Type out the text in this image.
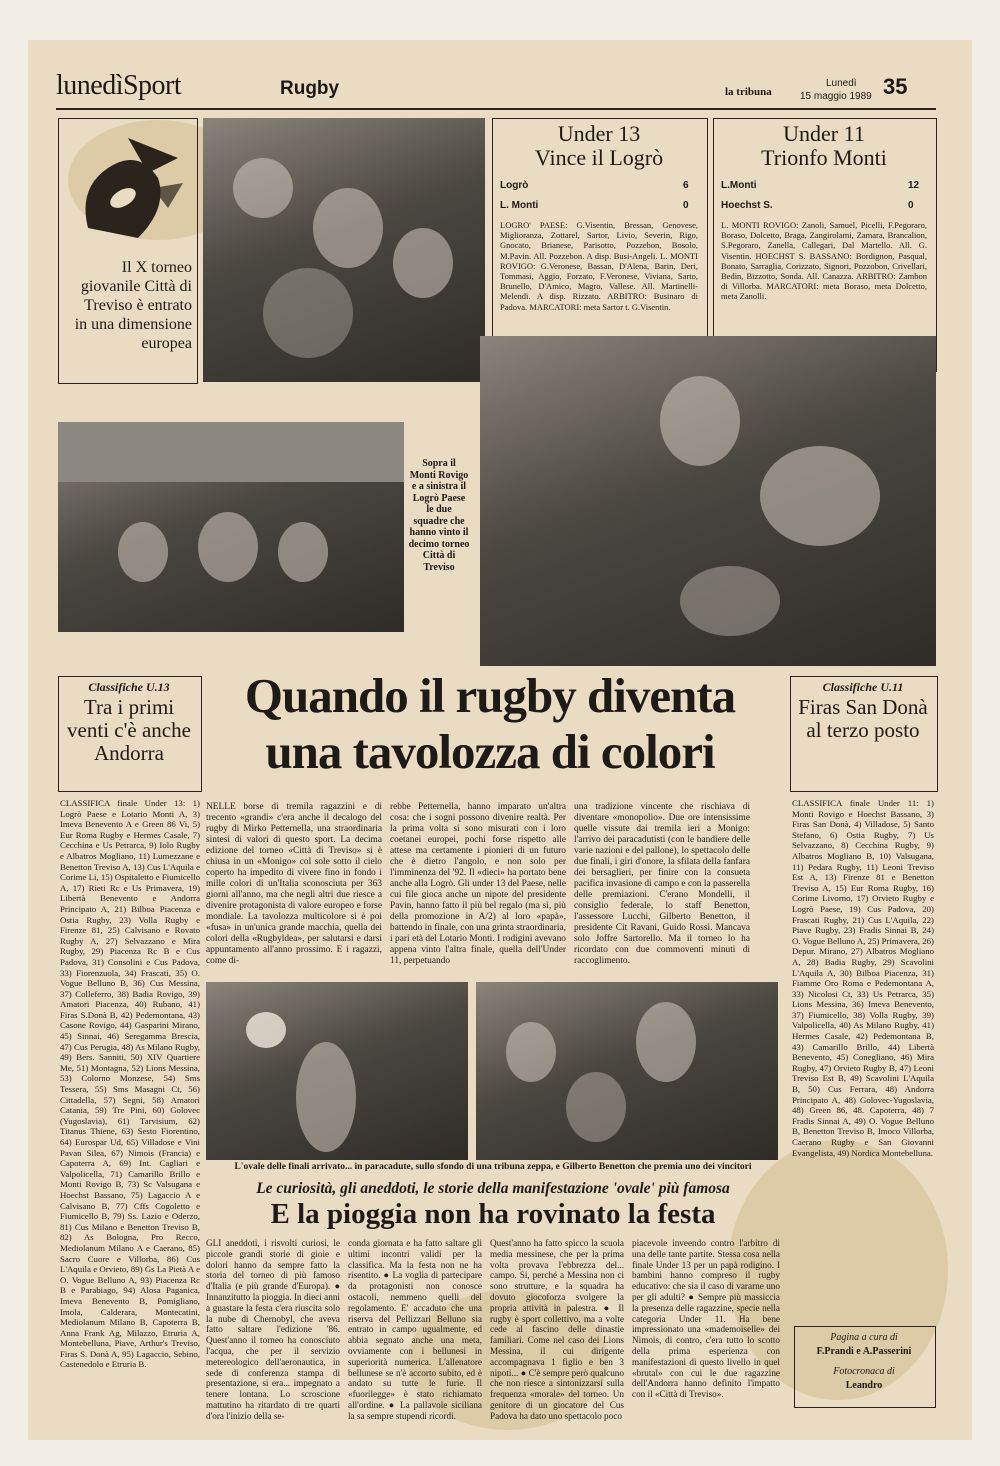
lunedìSport	Rugby	la tribuna
Lunedì
15 maggio 1989 35
Il X torneo giovanile Città di Treviso è entrato in una dimensione europea
Under 13
Vince il Logrò
Logrò	6
L. Monti	0
LOGRO' PAESE: G.Visentin, Bressan, Genovese, Miglioranza, Zottarel, Sartor, Livio, Severin, Rigo, Gnocato, Brianese, Parisotto, Pozzebon, Bosolo, M.Pavin. All. Pozzebon. A disp. Busi-Angeli. L. MONTI ROVIGO: G.Veronese, Bassan, D'Alena, Barin, Deri, Tommasi, Aggio, Forzato, F.Veronese, Viviana, Sarto, Brunello, D'Amico, Magro, Vallese. All. Martinelli-Melendi. A disp. Rizzato. ARBITRO: Businaro di Padova. MARCATORI: meta Sartor t. G.Visentin.
Under 11
Trionfo Monti
L.Monti	12
Hoechst S.	0
L. MONTI ROVIGO: Zanoli, Samuel, Picelli, F.Pegoraro, Boraso, Dolcetto, Braga, Zangirolami, Zamara, Brancalion, S.Pegoraro, Zanella, Callegari, Dal Martello. All. G. Visentin. HOECHST S. BASSANO: Bordignon, Pasqual, Bonato, Sarraglia, Corizzato, Signori, Pozzobon, Crivellari, Bedin, Bizzotto, Sonda. All. Canazza. ARBITRO: Zambon di Villorba. MARCATORI: meta Boraso, meta Dolcetto, meta Zanolli.
Sopra il Monti Rovigo e a sinistra il Logrò Paese le due squadre che hanno vinto il decimo torneo Città di Treviso
Classifiche U.13
Tra i primi venti c'è anche Andorra
CLASSIFICA finale Under 13: 1) Logrò Paese e Lotario Monti A, 3) Imeva Benevento A e Green 86 Vi, 5) Eur Roma Rugby e Hermes Casale, 7) Cecchina e Us Petrarca, 9) Iolo Rugby e Albatros Mogliano, 11) Lumezzane e Benetton Treviso A, 13) Cus L'Aquila e Corime Li, 15) Ospitaletto e Fiumicello A, 17) Rieti Rc e Us Primavera, 19) Libertà Benevento e Andorra Principato A, 21) Bilboa Piacenza e Ostia Rugby, 23) Volla Rugby e Firenze 81, 25) Calvisano e Rovato Rugby A, 27) Selvazzano e Mira Rugby, 29) Piacenza Rc B e Cus Padova, 31) Consolini e Cus Padova, 33) Fiorenzuola, 34) Frascati, 35) O. Vogue Belluno B, 36) Cus Messina, 37) Colleferro, 38) Badia Rovigo, 39) Amatori Piacenza, 40) Rubano, 41) Firas S.Donà B, 42) Pedemontana, 43) Casone Rovigo, 44) Gasparini Mirano, 45) Sinnai, 46) Seregamma Brescia, 47) Cus Perugia, 48) As Milano Rugby, 49) Bers. Sanniti, 50) XIV Quartiere Me, 51) Montagna, 52) Lions Messina, 53) Colorno Monzese, 54) Sms Tessera, 55) Sms Masagni Ct, 56) Cittadella, 57) Segni, 58) Amatori Catania, 59) Tre Pini, 60) Golovec (Yugoslavia), 61) Tarvisium, 62) Titanus Thiene, 63) Sesto Fiorentino, 64) Eurospar Ud, 65) Villadose e Vini Pavan Silea, 67) Nimois (Francia) e Capoterra A, 69) Int. Cagliari e Valpolicella, 71) Camarillo Brillo e Monti Rovigo B, 73) Sc Valsugana e Hoechst Bassano, 75) Lagaccio A e Calvisano B, 77) Cffs Cogoletto e Fiumicello B, 79) Ss. Lazio e Oderzo, 81) Cus Milano e Benetton Treviso B, 82) As Bologna, Pro Recco, Mediolanum Milano A e Caerano, 85) Sacro Cuore e Villorba, 86) Cus L'Aquila e Orvieto, 89) Gs La Pietà A e O. Vogue Belluno A, 93) Piacenza Rc B e Parabiago, 94) Alosa Paganica, Imeva Benevento B, Pomigliano, Imola, Calderara, Montecatini, Mediolanum Milano B, Capoterra B, Anna Frank Ag, Milazzo, Etruria A, Montebelluna, Piave, Arthur's Treviso, Firas S. Donà A, 95) Lagaccio, Sebino, Castenedolo e Etruria B.
Quando il rugby diventa
una tavolozza di colori
NELLE borse di tremila ragazzini e di trecento «grandi» c'era anche il decalogo del rugby di Mirko Petternella, una straordinaria sintesi di valori di questo sport. La decima edizione del torneo «Città di Treviso» si è chiusa in un «Monigo» col sole sotto il cielo coperto ha impedito di vivere fino in fondo i mille colori di un'Italia sconosciuta per 363 giorni all'anno, ma che negli altri due riesce a divenire protagonista di valore europeo e forse mondiale. La tavolozza multicolore si è poi «fusa» in un'unica grande macchia, quella dei colori della «Rugbyldea», per salutarsi e darsi appuntamento all'anno prossimo. E i ragazzi, come di-
rebbe Petternella, hanno imparato un'altra cosa: che i sogni possono divenire realtà. Per la prima volta si sono misurati con i loro coetanei europei, pochi forse rispetto alle attese ma certamente i pionieri di un futuro che è dietro l'angolo, e non solo per l'imminenza del '92. Il «dieci» ha portato bene anche alla Logrò. Gli under 13 del Paese, nelle cui file gioca anche un nipote del presidente Pavin, hanno fatto il più bel regalo (ma sì, più della promozione in A/2) al loro «papà», battendo in finale, con una grinta straordinaria, i pari età del Lotario Monti. I rodigini avevano appena vinto l'altra finale, quella dell'Under 11, perpetuando
una tradizione vincente che rischiava di diventare «monopolio». Due ore intensissime quelle vissute dai tremila ieri a Monigo: l'arrivo dei paracadutisti (con le bandiere delle varie nazioni e del pallone), lo spettacolo delle due finali, i giri d'onore, la sfilata della fanfara dei bersaglieri, per finire con la consueta pacifica invasione di campo e con la passerella delle premiazioni. C'erano Mondelli, il consiglio federale, lo staff Benetton, l'assessore Lucchi, Gilberto Benetton, il presidente Cit Ravani, Guido Rossi. Mancava solo Joffre Sartorello. Ma il torneo lo ha ricordato con due commoventi minuti di raccoglimento.
Classifiche U.11
Firas San Donà al terzo posto
CLASSIFICA finale Under 11: 1) Monti Rovigo e Hoechst Bassano, 3) Firas San Donà, 4) Villadose, 5) Santo Stefano, 6) Ostia Rugby, 7) Us Selvazzano, 8) Cecchina Rugby, 9) Albatros Mogliano B, 10) Valsugana, 11) Pedara Rugby, 11) Leoni Treviso Est A, 13) Firenze 81 e Benetton Treviso A, 15) Eur Roma Rugby, 16) Corime Livorno, 17) Orvieto Rugby e Logrò Paese, 19) Cus Padova, 20) Frascati Rugby, 21) Cus L'Aquila, 22) Piave Rugby, 23) Fradis Sinnai B, 24) O. Vogue Belluno A, 25) Primavera, 26) Depur. Mirano, 27) Albatros Mogliano A, 28) Badia Rugby, 29) Scavolini L'Aquila A, 30) Bilboa Piacenza, 31) Fiamme Oro Roma e Pedemontana A, 33) Nicolosi Ct, 33) Us Petrarca, 35) Lions Messina, 36) Imeva Benevento, 37) Fiumicello, 38) Volla Rugby, 39) Valpolicella, 40) As Milano Rugby, 41) Hermes Casale, 42) Pedemontana B, 43) Camarillo Brillo, 44) Libertà Benevento, 45) Conegliano, 46) Mira Rugby, 47) Orvieto Rugby B, 47) Leoni Treviso Est B, 49) Scavolini L'Aquila B, 50) Cus Ferrara, 48) Andorra Principato A, 48) Golovec-Yugoslavia, 48) Green 86, 48. Capoterra, 48) 7 Fradis Sinnai A, 49) O. Vogue Belluno B, Benetton Treviso B, Imoco Villorba, Caerano Rugby e San Giovanni Evangelista, 49) Nordica Montebelluna.
Pagina a cura di
F.Prandi e A.Passerini
Fotocronaca di
Leandro
L'ovale delle finali arrivato... in paracadute, sullo sfondo di una tribuna zeppa, e Gilberto Benetton che premia uno dei vincitori
Le curiosità, gli aneddoti, le storie della manifestazione 'ovale' più famosa
E la pioggia non ha rovinato la festa
GLI aneddoti, i risvolti curiosi, le piccole grandi storie di gioie e dolori hanno da sempre fatto la storia del torneo di più famoso d'Italia (e più grande d'Europa). ● Innanzitutto la pioggia. In dieci anni a guastare la festa c'era riuscita solo la nube di Chernobyl, che aveva fatto saltare l'edizione '86. Quest'anno il torneo ha conosciuto l'acqua, che per il servizio metereologico dell'aeronautica, in sede di conferenza stampa di presentazione, si era... impegnato a tenere lontana. Lo scroscione mattutino ha ritardato di tre quarti d'ora l'inizio della se-
conda giornata e ha fatto saltare gli ultimi incontri validi per la classifica. Ma la festa non ne ha risentito. ● La voglia di partecipare da protagonisti non conosce ostacoli, nemmeno quelli del regolamento. E' accaduto che una riserva del Pellizzari Belluno sia entrato in campo ugualmente, ed abbia segnato anche una meta, ovviamente con i bellunesi in superiorità numerica. L'allenatore bellunese se n'è accorto subito, ed è andato su tutte le furie. Il «fuorilegge» è stato richiamato all'ordine. ● La pallavole siciliana la sa sempre stupendi ricordi.
Quest'anno ha fatto spicco la scuola media messinese, che per la prima volta provava l'ebbrezza del... campo. Si, perché a Messina non ci sono strutture, e la squadra ha dovuto giocoforza svolgere la propria attività in palestra. ● Il rugby è sport collettivo, ma a volte cede al fascino delle dinastie familiari. Come nel caso dei Lions Messina, il cui dirigente accompagnava 1 figlio e ben 3 nipoti... ● C'è sempre però qualcuno che non riesce a sintonizzarsi sulla frequenza «morale» del torneo. Un genitore di un giocatore del Cus Padova ha dato uno spettacolo poco
piacevole inveendo contro l'arbitro di una delle tante partite. Stessa cosa nella finale Under 13 per un papà rodigino. I bambini hanno compreso il rugby educativo: che sia il caso di vararne uno per gli adulti? ● Sempre più massiccia la presenza delle ragazzine, specie nella categoria Under 11. Ha bene impressionato una «mademoiselle» dei Nimois, di contro, c'era tutto lo scotto della prima esperienza con manifestazioni di questo livello in quel «brutal» con cui le due ragazzine dell'Andorra hanno definito l'impatto con il «Città di Treviso».
